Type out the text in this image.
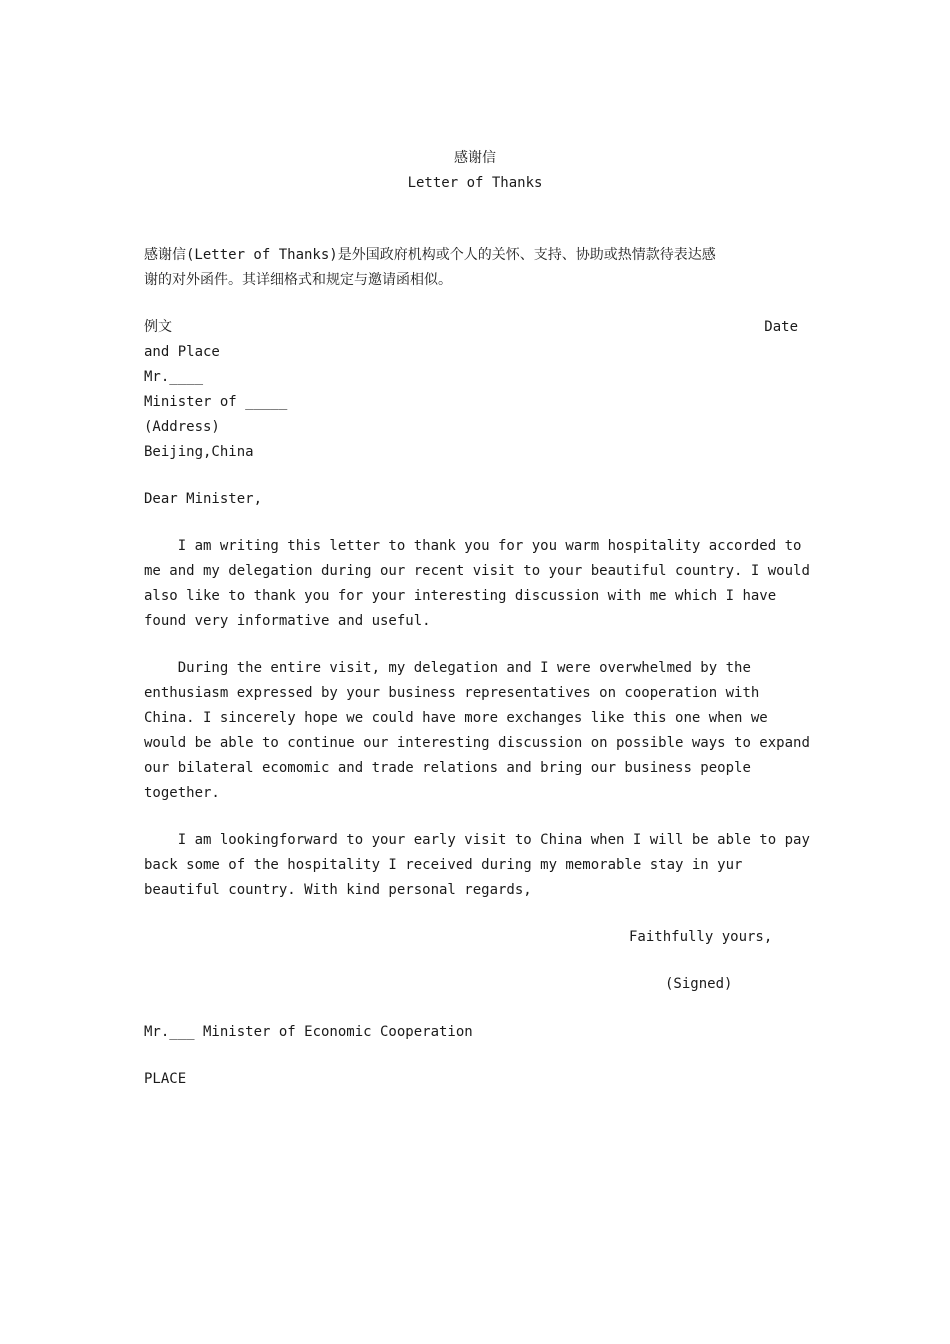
感谢信
Letter of Thanks
感谢信(Letter of Thanks)是外国政府机构或个人的关怀、支持、协助或热情款待表达感
谢的对外函件。其详细格式和规定与邀请函相似。
例文	Date
and Place
Mr.____
Minister of _____
(Address)
Beijing,China
Dear Minister,
I am writing this letter to thank you for you warm hospitality accorded to
me and my delegation during our recent visit to your beautiful country. I would
also like to thank you for your interesting discussion with me which I have
found very informative and useful.
During the entire visit, my delegation and I were overwhelmed by the
enthusiasm expressed by your business representatives on cooperation with
China. I sincerely hope we could have more exchanges like this one when we
would be able to continue our interesting discussion on possible ways to expand
our bilateral ecomomic and trade relations and bring our business people
together.
I am lookingforward to your early visit to China when I will be able to pay
back some of the hospitality I received during my memorable stay in yur
beautiful country. With kind personal regards,
Faithfully yours,
(Signed)
Mr.___ Minister of Economic Cooperation
PLACE
